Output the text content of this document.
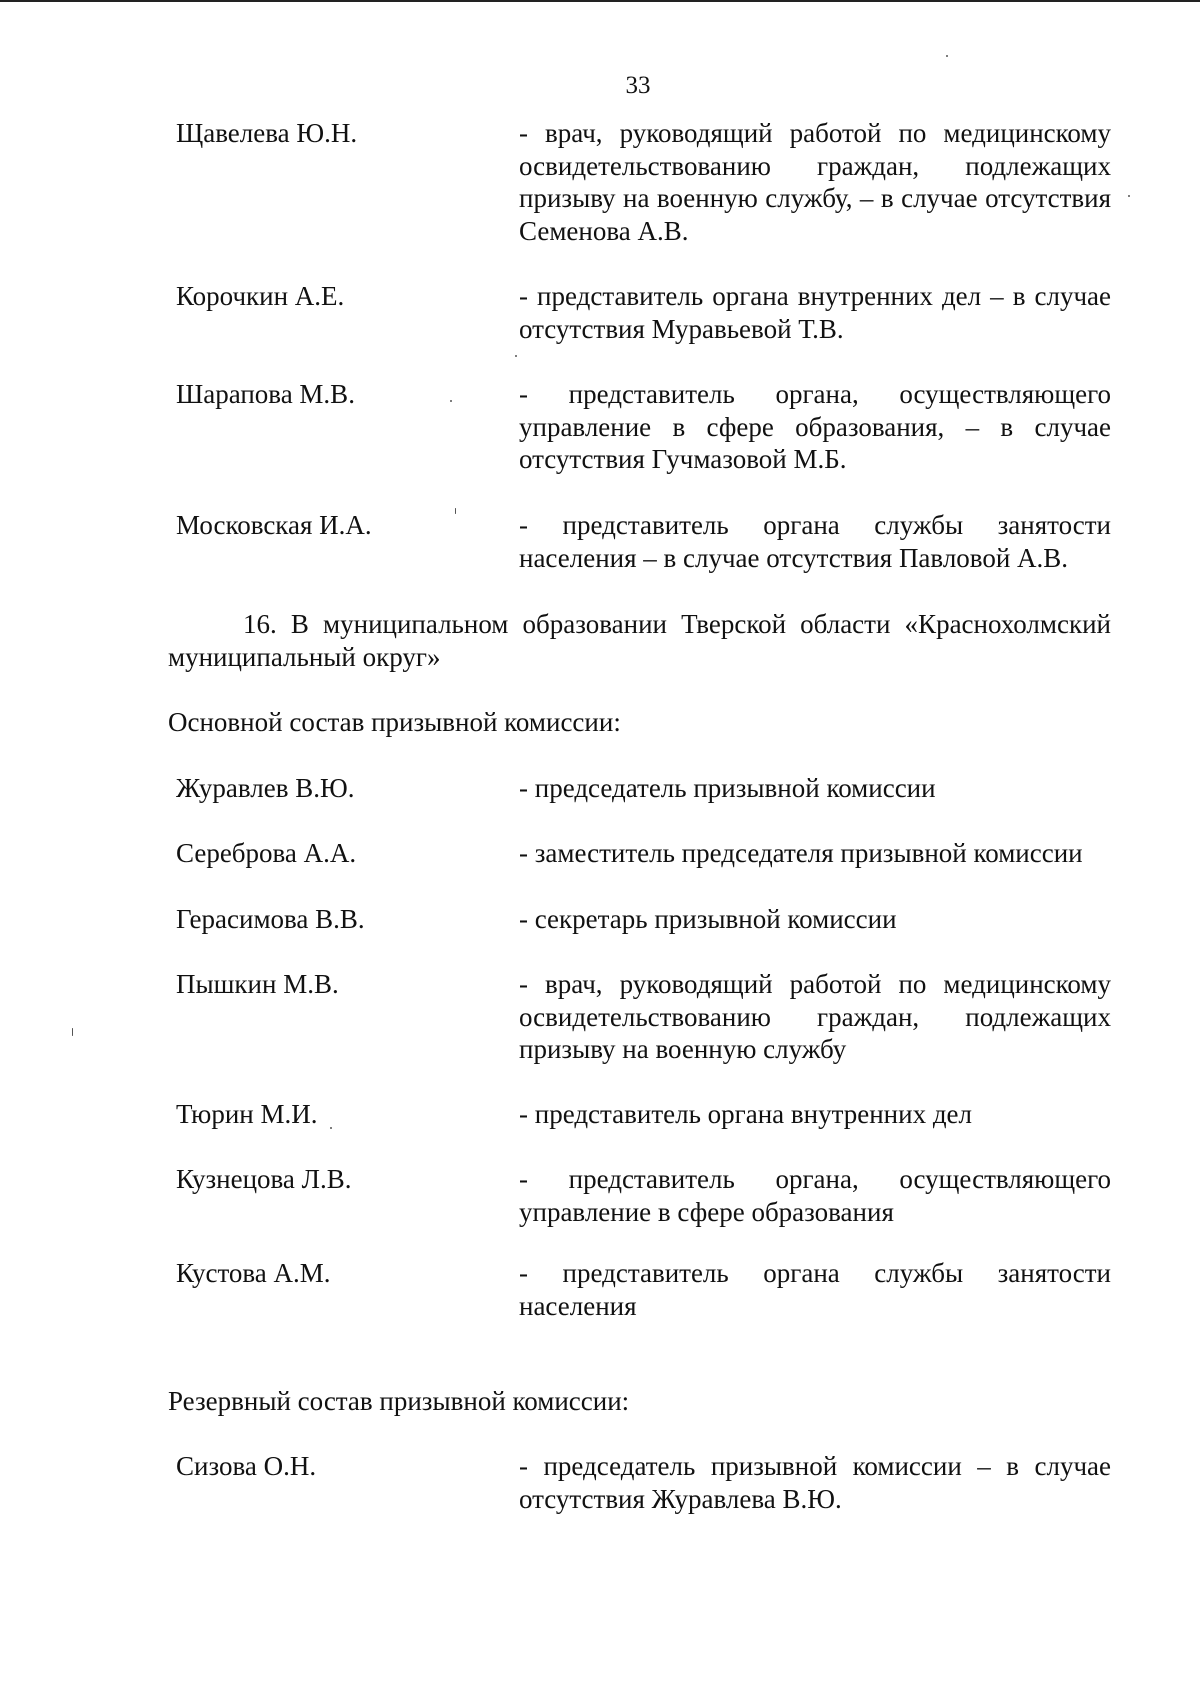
33
Щавелева Ю.Н.	- врач, руководящий работой по медицинскому освидетельствованию граждан, подлежащих призыву на военную службу, – в случае отсутствия Семенова А.В.
Корочкин А.Е.	- представитель органа внутренних дел – в случае отсутствия Муравьевой Т.В.
Шарапова М.В.	- представитель органа, осуществляющего управление в сфере образования, – в случае отсутствия Гучмазовой М.Б.
Московская И.А.	- представитель органа службы занятости населения – в случае отсутствия Павловой А.В.
16. В муниципальном образовании Тверской области «Краснохолмский муниципальный округ»
Основной состав призывной комиссии:
Журавлев В.Ю.	- председатель призывной комиссии
Сереброва А.А.	- заместитель председателя призывной комиссии
Герасимова В.В.	- секретарь призывной комиссии
Пышкин М.В.	- врач, руководящий работой по медицинскому освидетельствованию граждан, подлежащих призыву на военную службу
Тюрин М.И.	- представитель органа внутренних дел
Кузнецова Л.В.	- представитель органа, осуществляющего управление в сфере образования
Кустова А.М.	- представитель органа службы занятости населения
Резервный состав призывной комиссии:
Сизова О.Н.	- председатель призывной комиссии – в случае отсутствия Журавлева В.Ю.
